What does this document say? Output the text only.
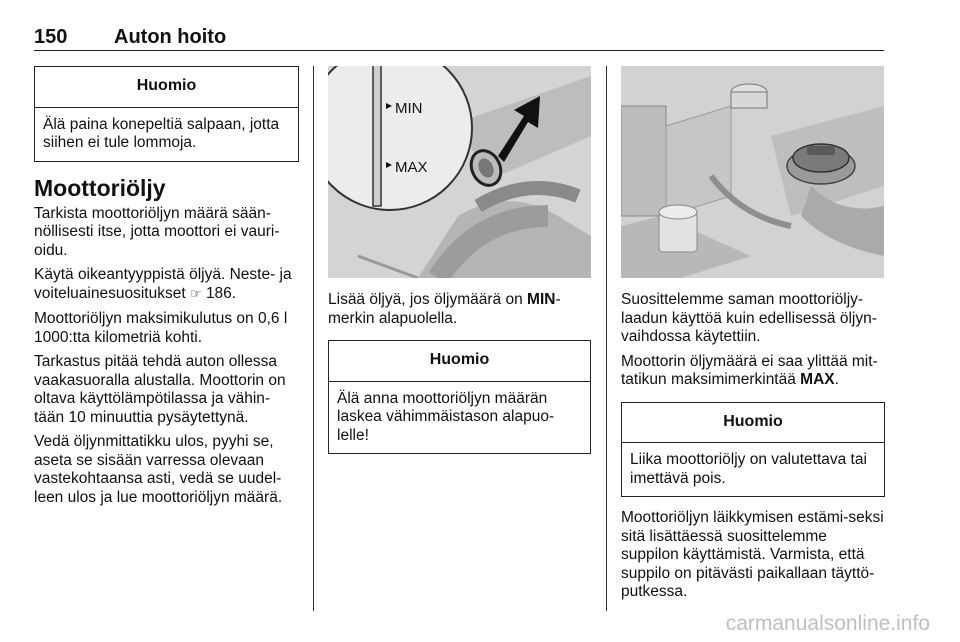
150 Auton hoito
Huomio
Älä paina konepeltiä salpaan, jotta siihen ei tule lommoja.
Moottoriöljy

Tarkista moottoriöljyn määrä sään-nöllisesti itse, jotta moottori ei vauri-oidu.

Käytä oikeantyyppistä öljyä. Neste- ja voiteluainesuositukset ☞ 186.

Moottoriöljyn maksimikulutus on 0,6 l 1000:tta kilometriä kohti.

Tarkastus pitää tehdä auton ollessa vaakasuoralla alustalla. Moottorin on oltava käyttölämpötilassa ja vähin-tään 10 minuuttia pysäytettynä.

Vedä öljynmittatikku ulos, pyyhi se, aseta se sisään varressa olevaan vastekohtaansa asti, vedä se uudel-leen ulos ja lue moottoriöljyn määrä.

MIN
MAX

Lisää öljyä, jos öljymäärä on MIN-merkin alapuolella.

Huomio
Älä anna moottoriöljyn määrän laskea vähimmäistason alapuo-lelle!

Suosittelemme saman moottoriöljy-laadun käyttöä kuin edellisessä öljyn-vaihdossa käytettiin.

Moottorin öljymäärä ei saa ylittää mit-tatikun maksimimerkintää MAX.

Huomio
Liika moottoriöljy on valutettava tai imettävä pois.

Moottoriöljyn läikkymisen estämi-seksi sitä lisättäessä suosittelemme suppilon käyttämistä. Varmista, että suppilo on pitävästi paikallaan täyttö-putkessa.

carmanualsonline.info
